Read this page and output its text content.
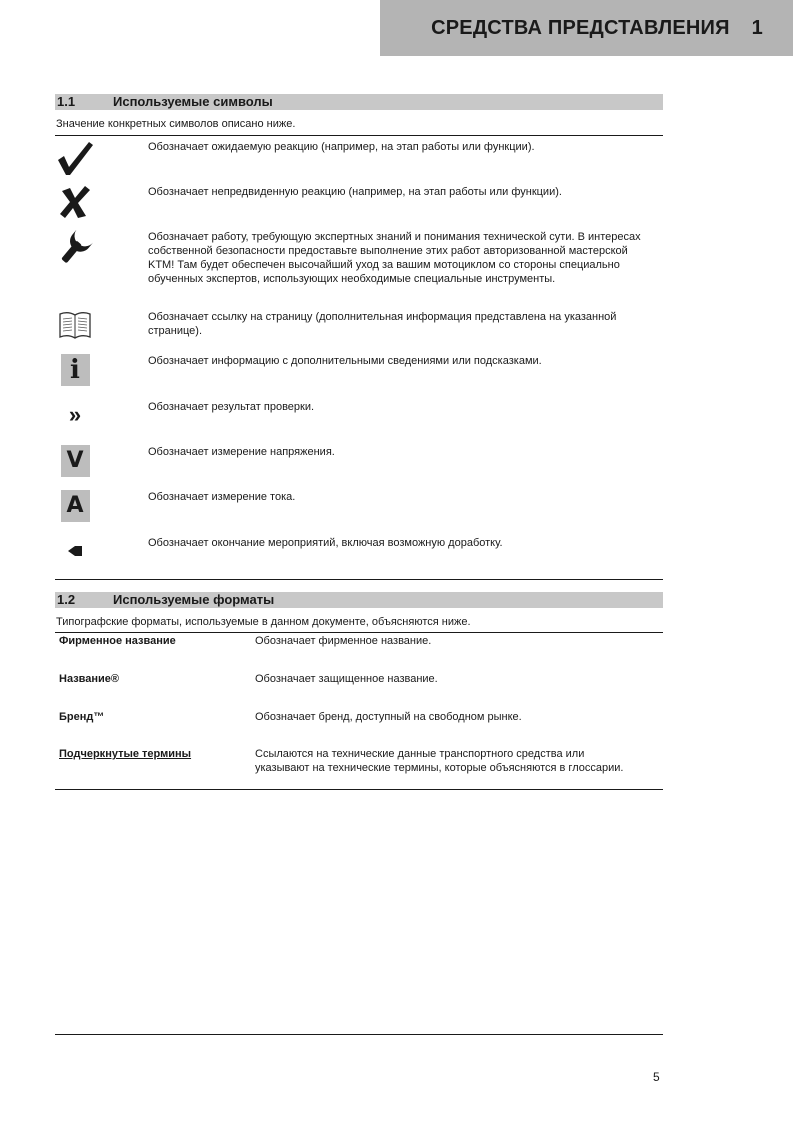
СРЕДСТВА ПРЕДСТАВЛЕНИЯ 1
1.1	Используемые символы
Значение конкретных символов описано ниже.
Обозначает ожидаемую реакцию (например, на этап работы или функции).
Обозначает непредвиденную реакцию (например, на этап работы или функции).
Обозначает работу, требующую экспертных знаний и понимания технической сути. В интересах собственной безопасности предоставьте выполнение этих работ авторизованной мастерской KTM! Там будет обеспечен высочайший уход за вашим мотоциклом со стороны специально обученных экспертов, использующих необходимые специальные инструменты.
Обозначает ссылку на страницу (дополнительная информация представлена на указанной странице).
i	Обозначает информацию с дополнительными сведениями или подсказками.
»	Обозначает результат проверки.
V	Обозначает измерение напряжения.
A	Обозначает измерение тока.
Обозначает окончание мероприятий, включая возможную доработку.
1.2	Используемые форматы
Типографские форматы, используемые в данном документе, объясняются ниже.
Фирменное название	Обозначает фирменное название.
Название®	Обозначает защищенное название.
Бренд™	Обозначает бренд, доступный на свободном рынке.
Подчеркнутые термины	Ссылаются на технические данные транспортного средства или указывают на технические термины, которые объясняются в глоссарии.
5
